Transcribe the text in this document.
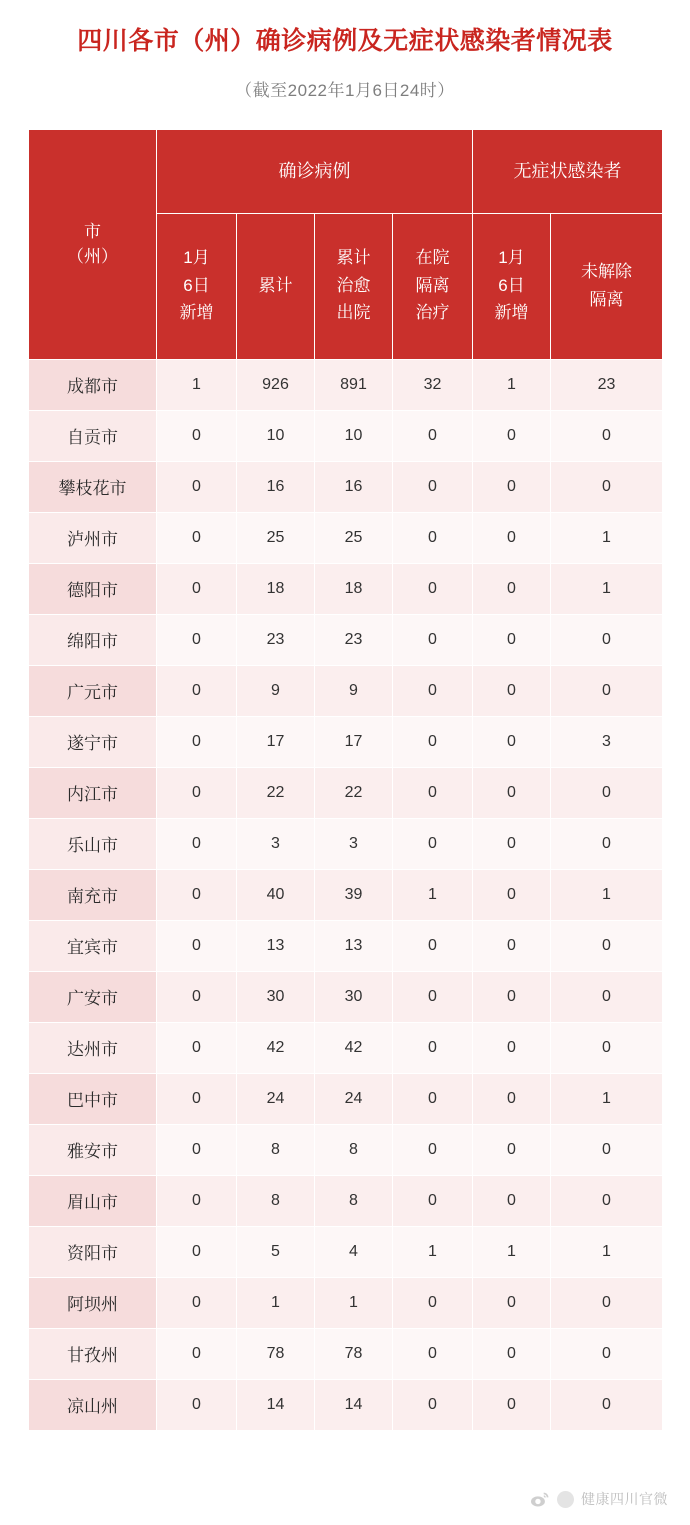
四川各市（州）确诊病例及无症状感染者情况表
（截至2022年1月6日24时）
市
（州）	确诊病例				无症状感染者	

	1月
6日
新增	累计	累计
治愈
出院	在院
隔离
治疗	1月
6日
新增	未解除
隔离

成都市	1	926	891	32	1	23
自贡市	0	10	10	0	0	0
攀枝花市	0	16	16	0	0	0
泸州市	0	25	25	0	0	1
德阳市	0	18	18	0	0	1
绵阳市	0	23	23	0	0	0
广元市	0	9	9	0	0	0
遂宁市	0	17	17	0	0	3
内江市	0	22	22	0	0	0
乐山市	0	3	3	0	0	0
南充市	0	40	39	1	0	1
宜宾市	0	13	13	0	0	0
广安市	0	30	30	0	0	0
达州市	0	42	42	0	0	0
巴中市	0	24	24	0	0	1
雅安市	0	8	8	0	0	0
眉山市	0	8	8	0	0	0
资阳市	0	5	4	1	1	1
阿坝州	0	1	1	0	0	0
甘孜州	0	78	78	0	0	0
凉山州	0	14	14	0	0	0
健康四川官微
